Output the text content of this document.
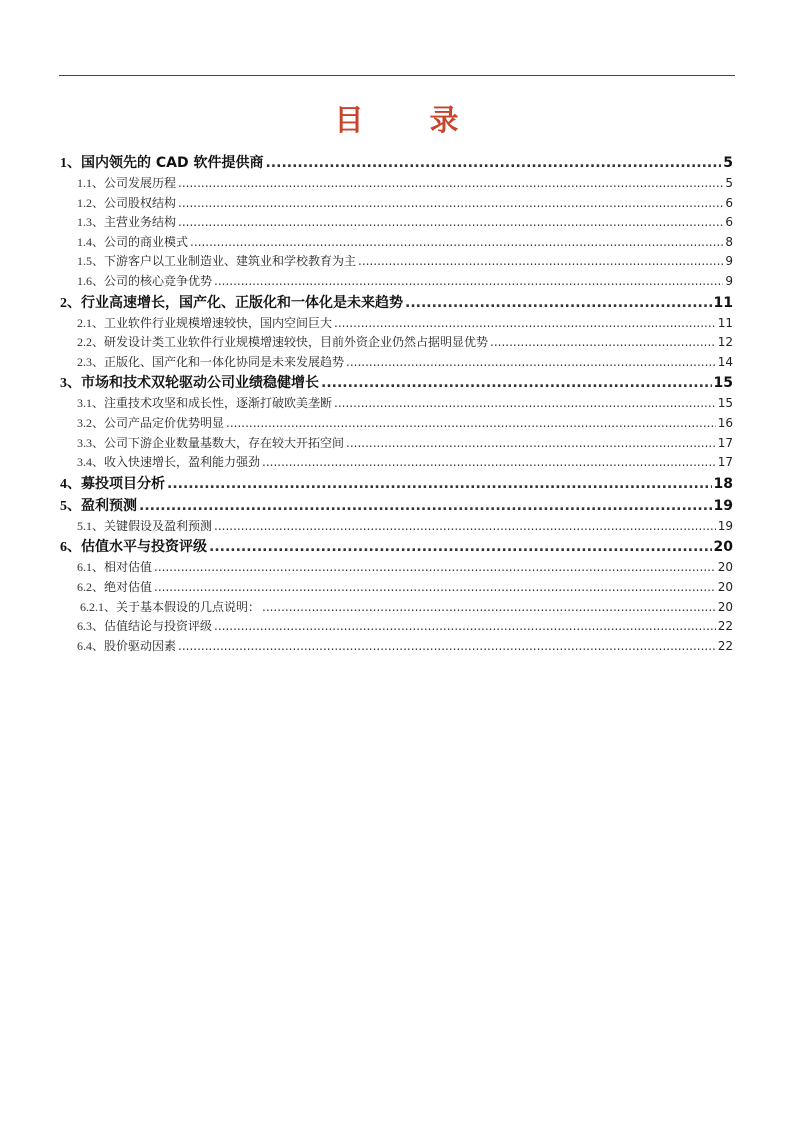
目 录
1、 国内领先的 CAD 软件提供商 .....	5
1.1、 公司发展历程 .....	5
1.2、 公司股权结构 .....	6
1.3、 主营业务结构 .....	6
1.4、 公司的商业模式 .....	8
1.5、 下游客户以工业制造业、建筑业和学校教育为主 .....	9
1.6、 公司的核心竞争优势 .....	9
2、 行业高速增长，国产化、正版化和一体化是未来趋势 .....	11
2.1、 工业软件行业规模增速较快，国内空间巨大 .....	11
2.2、 研发设计类工业软件行业规模增速较快，目前外资企业仍然占据明显优势 .....	12
2.3、 正版化、国产化和一体化协同是未来发展趋势 .....	14
3、 市场和技术双轮驱动公司业绩稳健增长 .....	15
3.1、 注重技术攻坚和成长性，逐渐打破欧美垄断 .....	15
3.2、 公司产品定价优势明显 .....	16
3.3、 公司下游企业数量基数大，存在较大开拓空间 .....	17
3.4、 收入快速增长，盈利能力强劲 .....	17
4、 募投项目分析 .....	18
5、 盈利预测 .....	19
5.1、 关键假设及盈利预测 .....	19
6、 估值水平与投资评级 .....	20
6.1、 相对估值 .....	20
6.2、 绝对估值 .....	20
6.2.1、 关于基本假设的几点说明： .....	20
6.3、 估值结论与投资评级 .....	22
6.4、 股价驱动因素 .....	22
